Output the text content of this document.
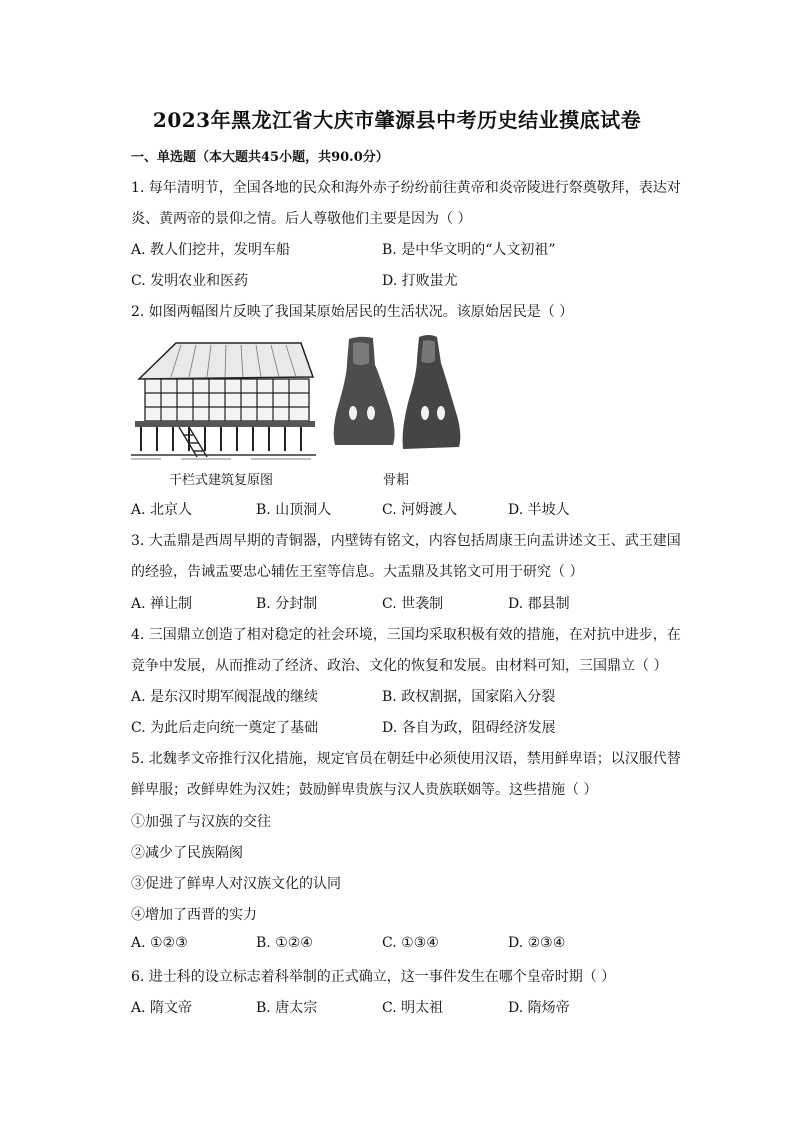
2023年黑龙江省大庆市肇源县中考历史结业摸底试卷
一、单选题（本大题共45小题，共90.0分）
1. 每年清明节，全国各地的民众和海外赤子纷纷前往黄帝和炎帝陵进行祭奠敬拜，表达对
炎、黄两帝的景仰之情。后人尊敬他们主要是因为（ ）
A. 教人们挖井，发明车船	B. 是中华文明的“人文初祖”
C. 发明农业和医药	D. 打败蚩尤
2. 如图两幅图片反映了我国某原始居民的生活状况。该原始居民是（ ）
干栏式建筑复原图	骨耜
A. 北京人	B. 山顶洞人	C. 河姆渡人	D. 半坡人
3. 大盂鼎是西周早期的青铜器，内壁铸有铭文，内容包括周康王向盂讲述文王、武王建国
的经验，告诫盂要忠心辅佐王室等信息。大盂鼎及其铭文可用于研究（ ）
A. 禅让制	B. 分封制	C. 世袭制	D. 郡县制
4. 三国鼎立创造了相对稳定的社会环境，三国均采取积极有效的措施，在对抗中进步，在
竞争中发展，从而推动了经济、政治、文化的恢复和发展。由材料可知，三国鼎立（ ）
A. 是东汉时期军阀混战的继续	B. 政权割据，国家陷入分裂
C. 为此后走向统一奠定了基础	D. 各自为政，阻碍经济发展
5. 北魏孝文帝推行汉化措施，规定官员在朝廷中必须使用汉语，禁用鲜卑语；以汉服代替
鲜卑服；改鲜卑姓为汉姓；鼓励鲜卑贵族与汉人贵族联姻等。这些措施（ ）
①加强了与汉族的交往
②减少了民族隔阂
③促进了鲜卑人对汉族文化的认同
④增加了西晋的实力
A. ①②③	B. ①②④	C. ①③④	D. ②③④
6. 进士科的设立标志着科举制的正式确立，这一事件发生在哪个皇帝时期（ ）
A. 隋文帝	B. 唐太宗	C. 明太祖	D. 隋炀帝
